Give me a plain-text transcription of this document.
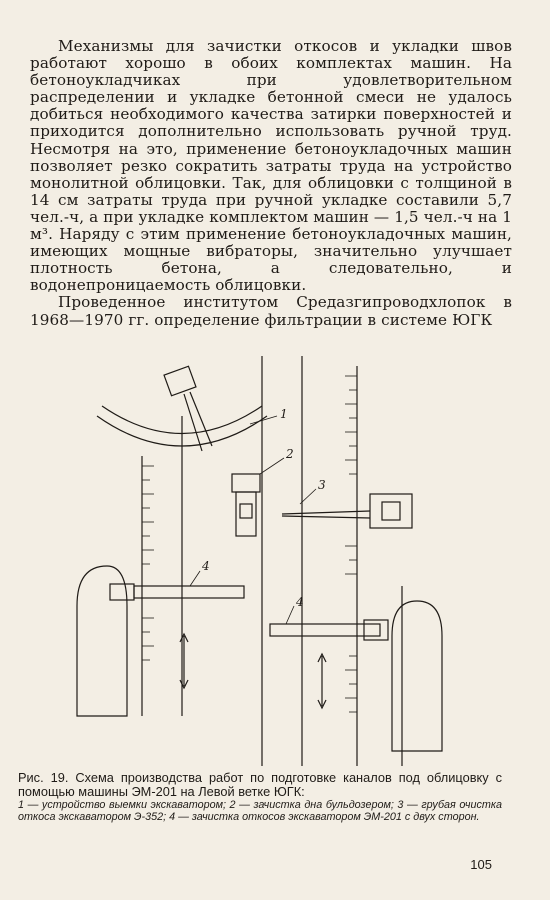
Механизмы для зачистки откосов и укладки швов работают хорошо в обоих комплектах машин. На бетоноукладчиках при удовлетворительном распределении и укладке бетонной смеси не удалось добиться необходимого качества затирки поверхностей и приходится дополнительно использовать ручной труд. Несмотря на это, применение бетоноукладочных машин позволяет резко сократить затраты труда на устройство монолитной облицовки. Так, для облицовки с толщиной в 14 см затраты труда при ручной укладке составили 5,7 чел.-ч, а при укладке комплектом машин — 1,5 чел.-ч на 1 м³. Наряду с этим применение бетоноукладочных машин, имеющих мощные вибраторы, значительно улучшает плотность бетона, а следовательно, и водонепроницаемость облицовки.

Проведенное институтом Средазгипроводхлопок в 1968—1970 гг. определение фильтрации в системе ЮГК

1
2
3
4
4

Рис. 19. Схема производства работ по подготовке каналов под облицовку с помощью машины ЭМ-201 на Левой ветке ЮГК:

1 — устройство выемки экскаватором; 2 — зачистка дна бульдозером; 3 — грубая очистка откоса экскаватором Э-352; 4 — зачистка откосов экскаватором ЭМ-201 с двух сторон.

105
